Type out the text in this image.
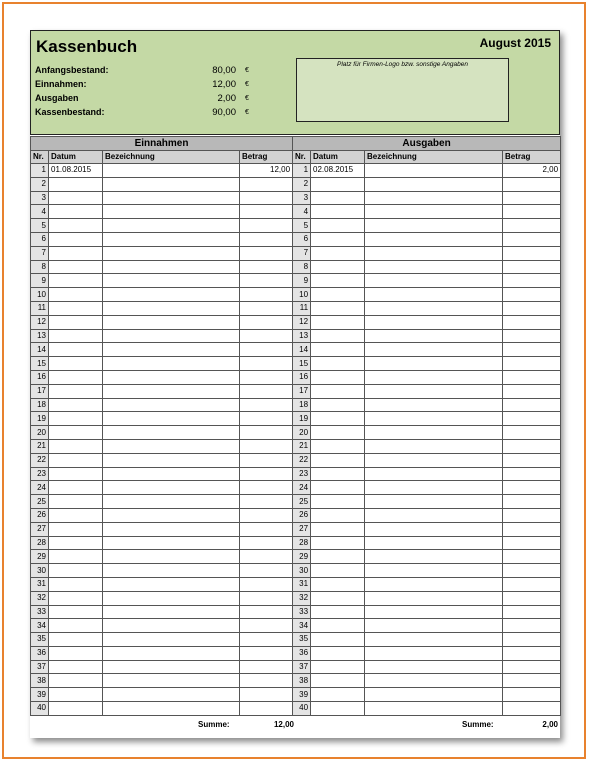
Kassenbuch	August 2015
Anfangsbestand:	80,00 €
Einnahmen:	12,00 €
Ausgaben	2,00 €
Kassenbestand:	90,00 €
Platz für Firmen-Logo bzw. sonstige Angaben
Einnahmen				Ausgaben			
Nr.	Datum	Bezeichnung	Betrag	Nr.	Datum	Bezeichnung	Betrag
1	01.08.2015		12,00	1	02.08.2015		2,00
2				2			
3				3			
4				4			
5				5			
6				6			
7				7			
8				8			
9				9			
10				10			
11				11			
12				12			
13				13			
14				14			
15				15			
16				16			
17				17			
18				18			
19				19			
20				20			
21				21			
22				22			
23				23			
24				24			
25				25			
26				26			
27				27			
28				28			
29				29			
30				30			
31				31			
32				32			
33				33			
34				34			
35				35			
36				36			
37				37			
38				38			
39				39			
40				40			
Summe:	12,00	Summe:	2,00
